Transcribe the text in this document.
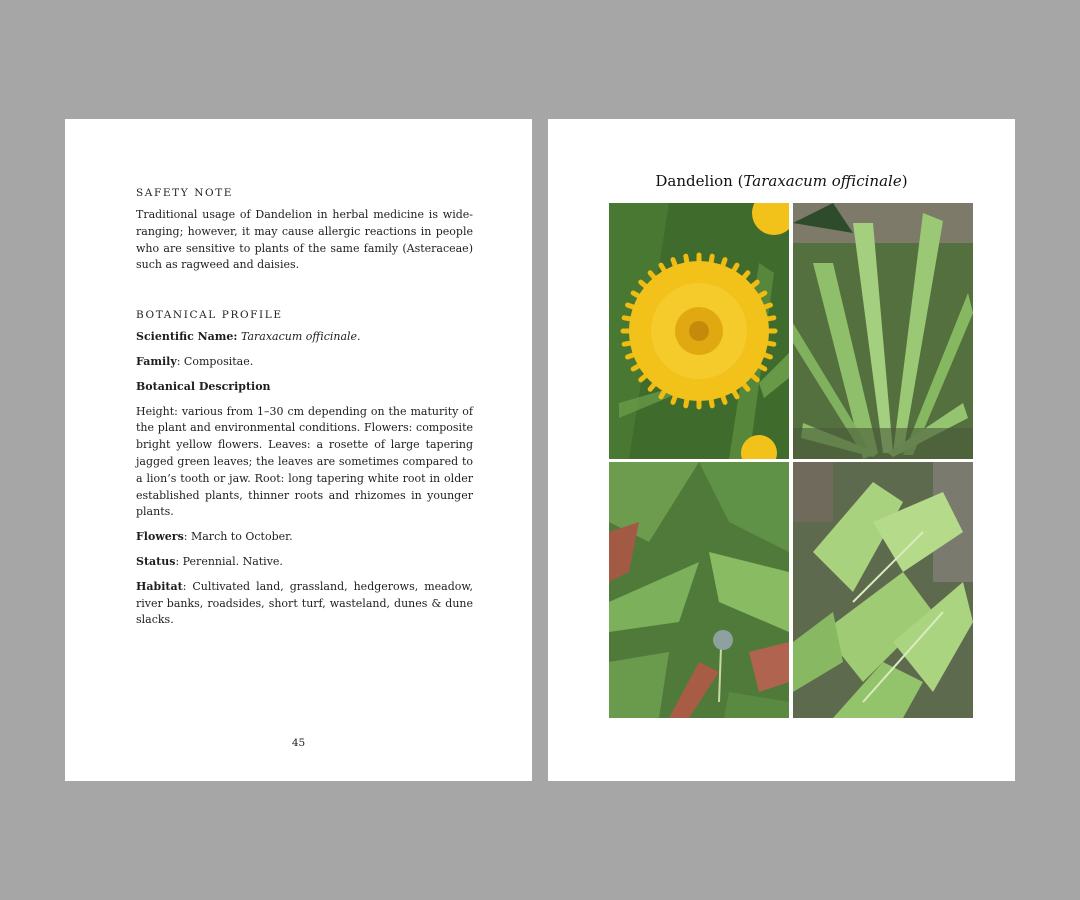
SAFETY NOTE

Traditional usage of Dandelion in herbal medicine is wide-ranging; however, it may cause allergic reactions in people who are sensitive to plants of the same family (Asteraceae) such as ragweed and daisies.

BOTANICAL PROFILE

Scientific Name: Taraxacum officinale.

Family: Compositae.

Botanical Description

Height: various from 1–30 cm depending on the maturity of the plant and environmental conditions. Flowers: composite bright yellow flowers. Leaves: a rosette of large tapering jagged green leaves; the leaves are sometimes compared to a lion’s tooth or jaw. Root: long tapering white root in older established plants, thinner roots and rhizomes in younger plants.

Flowers: March to October.

Status: Perennial. Native.

Habitat: Cultivated land, grassland, hedgerows, meadow, river banks, roadsides, short turf, wasteland, dunes & dune slacks.

45
Dandelion (Taraxacum officinale)
